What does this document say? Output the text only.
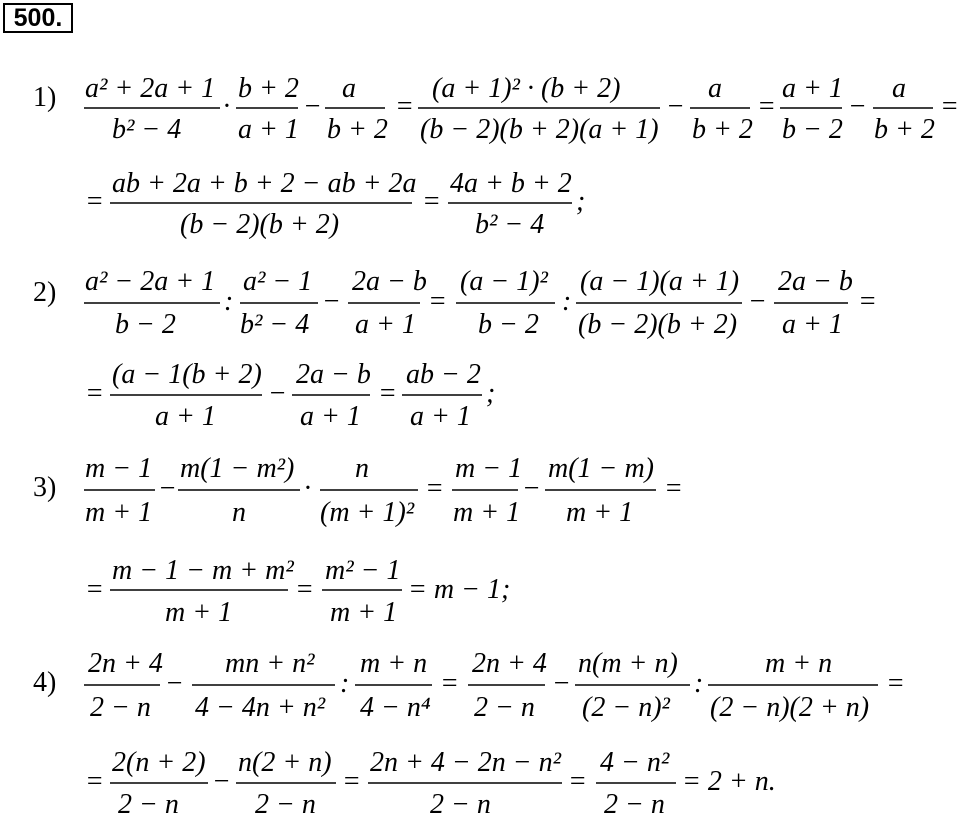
500.
1) a² + 2a + 1
b² − 4
·
b + 2
a + 1
−
a
b + 2
=
(a + 1)² · (b + 2)
(b − 2)(b + 2)(a + 1)
−
a
b + 2
=
a + 1
b − 2
−
a
b + 2
=
=
ab + 2a + b + 2 − ab + 2a
(b − 2)(b + 2)
=
4a + b + 2
b² − 4
;
a² − 2a + 1
b − 2
:
a² − 1
b² − 4
−
2a − b
a + 1
=
(a − 1)²
b − 2
:
(a − 1)(a + 1)
(b − 2)(b + 2)
−
2a − b
a + 1
=
=
(a − 1(b + 2)
a + 1
−
2a − b
a + 1
=
ab − 2
a + 1
;
m − 1
m + 1
−
m(1 − m²)
n
·
n
(m + 1)²
=
m − 1
m + 1
−
m(1 − m)
m + 1
=
=
m − 1 − m + m²
m + 1
=
m² − 1
m + 1
= m − 1;
2n + 4
2 − n
−
mn + n²
4 − 4n + n²
:
m + n
4 − n⁴
=
2n + 4
2 − n
−
n(m + n)
(2 − n)²
:
m + n
(2 − n)(2 + n)
=
=
2(n + 2)
2 − n
−
n(2 + n)
2 − n
=
2n + 4 − 2n − n²
2 − n
=
4 − n²
2 − n
= 2 + n.
2)
3)
4)
